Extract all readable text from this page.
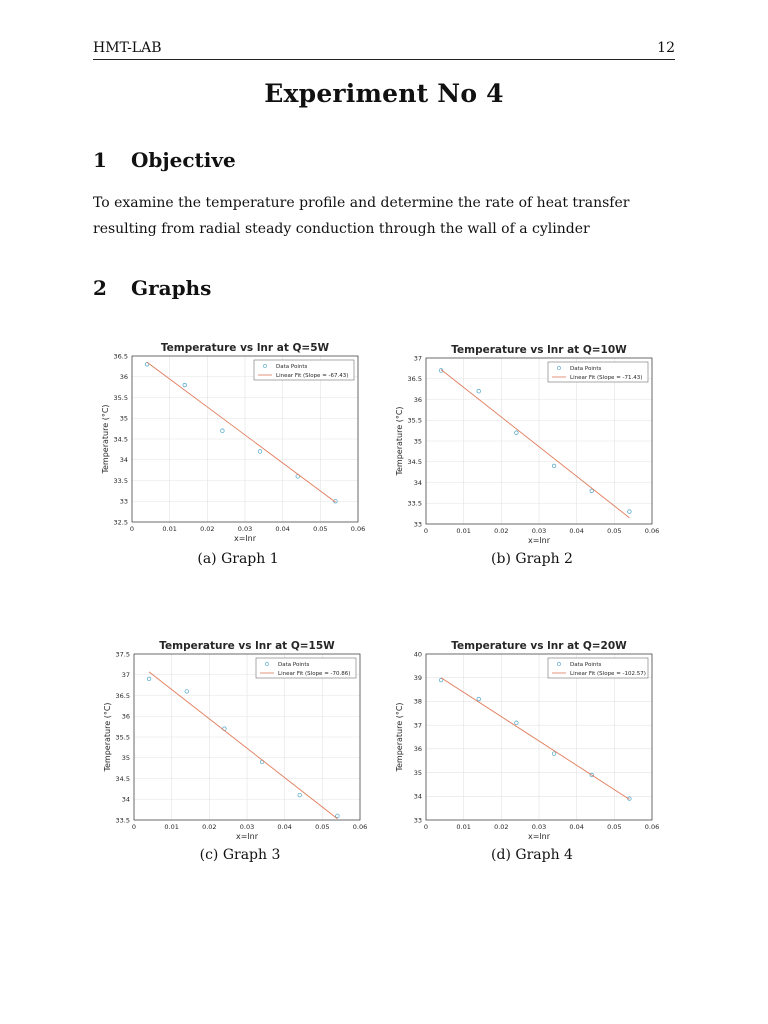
HMT-LAB	12
Experiment No 4
1 Objective
To examine the temperature profile and determine the rate of heat transfer resulting from radial steady conduction through the wall of a cylinder
2 Graphs
Temperature vs lnr at Q=5W
0	0.01	0.02	0.03	0.04	0.05	0.06
32.5
33
33.5
34
34.5
35
35.5
36
36.5
x=lnr
Temperature (°C)
Data Points
Linear Fit (Slope = -67.43)
Temperature vs lnr at Q=10W
0	0.01	0.02	0.03	0.04	0.05	0.06
33
33.5
34
34.5
35
35.5
36
36.5
37
x=lnr
Temperature (°C)
Data Points
Linear Fit (Slope = -71.43)
Temperature vs lnr at Q=15W
0	0.01	0.02	0.03	0.04	0.05	0.06
33.5
34
34.5
35
35.5
36
36.5
37
37.5
x=lnr
Temperature (°C)
Data Points
Linear Fit (Slope = -70.86)
Temperature vs lnr at Q=20W
0	0.01	0.02	0.03	0.04	0.05	0.06
33
34
35
36
37
38
39
40
x=lnr
Temperature (°C)
Data Points
Linear Fit (Slope = -102.57)
(a) Graph 1	(b) Graph 2
(c) Graph 3	(d) Graph 4
